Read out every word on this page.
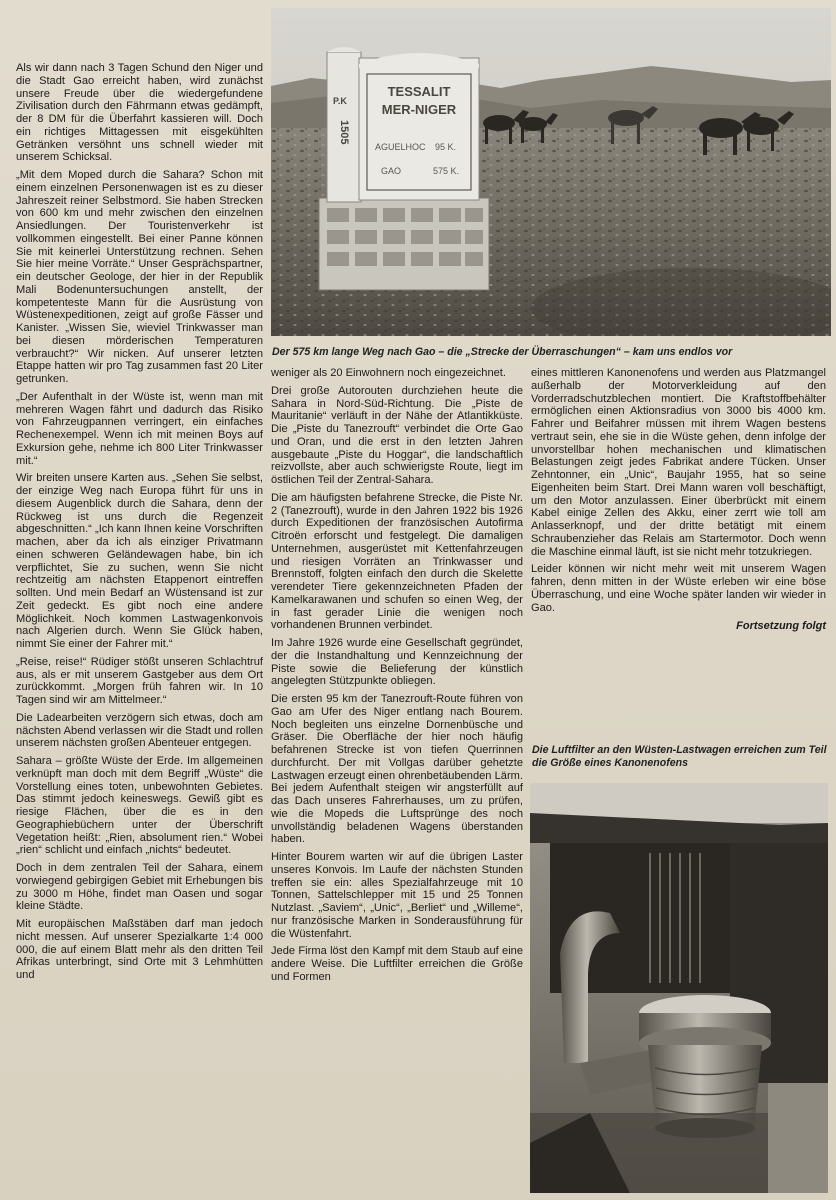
Als wir dann nach 3 Tagen Schund den Niger und die Stadt Gao erreicht haben, wird zunächst unsere Freude über die wiedergefundene Zivilisation durch den Fährmann etwas gedämpft, der 8 DM für die Überfahrt kassieren will. Doch ein richtiges Mittagessen mit eisgekühlten Getränken versöhnt uns schnell wieder mit unserem Schicksal.

„Mit dem Moped durch die Sahara? Schon mit einem einzelnen Personenwagen ist es zu dieser Jahreszeit reiner Selbstmord. Sie haben Strecken von 600 km und mehr zwischen den einzelnen Ansiedlungen. Der Touristenverkehr ist vollkommen eingestellt. Bei einer Panne können Sie mit keinerlei Unterstützung rechnen. Sehen Sie hier meine Vorräte.“ Unser Gesprächspartner, ein deutscher Geologe, der hier in der Republik Mali Bodenuntersuchungen anstellt, der kompetenteste Mann für die Ausrüstung von Wüstenexpeditionen, zeigt auf große Fässer und Kanister. „Wissen Sie, wieviel Trinkwasser man bei diesen mörderischen Temperaturen verbraucht?“ Wir nicken. Auf unserer letzten Etappe hatten wir pro Tag zusammen fast 20 Liter getrunken.

„Der Aufenthalt in der Wüste ist, wenn man mit mehreren Wagen fährt und dadurch das Risiko von Fahrzeugpannen verringert, ein einfaches Rechenexempel. Wenn ich mit meinen Boys auf Exkursion gehe, nehme ich 800 Liter Trinkwasser mit.“

Wir breiten unsere Karten aus. „Sehen Sie selbst, der einzige Weg nach Europa führt für uns in diesem Augenblick durch die Sahara, denn der Rückweg ist uns durch die Regenzeit abgeschnitten.“ „Ich kann Ihnen keine Vorschriften machen, aber da ich als einziger Privatmann einen schweren Geländewagen habe, bin ich verpflichtet, Sie zu suchen, wenn Sie nicht rechtzeitig am nächsten Etappenort eintreffen sollten. Und mein Bedarf an Wüstensand ist zur Zeit gedeckt. Es gibt noch eine andere Möglichkeit. Noch kommen Lastwagenkonvois nach Algerien durch. Wenn Sie Glück haben, nimmt Sie einer der Fahrer mit.“

„Reise, reise!“ Rüdiger stößt unseren Schlachtruf aus, als er mit unserem Gastgeber aus dem Ort zurückkommt. „Morgen früh fahren wir. In 10 Tagen sind wir am Mittelmeer.“

Die Ladearbeiten verzögern sich etwas, doch am nächsten Abend verlassen wir die Stadt und rollen unserem nächsten großen Abenteuer entgegen.

Sahara – größte Wüste der Erde. Im allgemeinen verknüpft man doch mit dem Begriff „Wüste“ die Vorstellung eines toten, unbewohnten Gebietes. Das stimmt jedoch keineswegs. Gewiß gibt es riesige Flächen, über die es in den Geographiebüchern unter der Überschrift Vegetation heißt: „Rien, absolument rien.“ Wobei „rien“ schlicht und einfach „nichts“ bedeutet.

Doch in dem zentralen Teil der Sahara, einem vorwiegend gebirgigen Gebiet mit Erhebungen bis zu 3000 m Höhe, findet man Oasen und sogar kleine Städte.

Mit europäischen Maßstäben darf man jedoch nicht messen. Auf unserer Spezialkarte 1:4 000 000, die auf einem Blatt mehr als den dritten Teil Afrikas unterbringt, sind Orte mit 3 Lehmhütten und

TESSALIT
MER-NIGER
AGUELHOC 95 K.
GAO	575 K.
P.K
1505
Der 575 km lange Weg nach Gao – die „Strecke der Überraschungen“ – kam uns endlos vor

weniger als 20 Einwohnern noch eingezeichnet.

Drei große Autorouten durchziehen heute die Sahara in Nord-Süd-Richtung. Die „Piste de Mauritanie“ verläuft in der Nähe der Atlantikküste. Die „Piste du Tanezrouft“ verbindet die Orte Gao und Oran, und die erst in den letzten Jahren ausgebaute „Piste du Hoggar“, die landschaftlich reizvollste, aber auch schwierigste Route, liegt im östlichen Teil der Zentral-Sahara.

Die am häufigsten befahrene Strecke, die Piste Nr. 2 (Tanezrouft), wurde in den Jahren 1922 bis 1926 durch Expeditionen der französischen Autofirma Citroën erforscht und festgelegt. Die damaligen Unternehmen, ausgerüstet mit Kettenfahrzeugen und riesigen Vorräten an Trinkwasser und Brennstoff, folgten einfach den durch die Skelette verendeter Tiere gekennzeichneten Pfaden der Kamelkarawanen und schufen so einen Weg, der in fast gerader Linie die wenigen noch vorhandenen Brunnen verbindet.

Im Jahre 1926 wurde eine Gesellschaft gegründet, der die Instandhaltung und Kennzeichnung der Piste sowie die Belieferung der künstlich angelegten Stützpunkte obliegen.

Die ersten 95 km der Tanezrouft-Route führen von Gao am Ufer des Niger entlang nach Bourem. Noch begleiten uns einzelne Dornenbüsche und Gräser. Die Oberfläche der hier noch häufig befahrenen Strecke ist von tiefen Querrinnen durchfurcht. Der mit Vollgas darüber gehetzte Lastwagen erzeugt einen ohrenbetäubenden Lärm. Bei jedem Aufenthalt steigen wir angsterfüllt auf das Dach unseres Fahrerhauses, um zu prüfen, wie die Mopeds die Luftsprünge des noch unvollständig beladenen Wagens überstanden haben.

Hinter Bourem warten wir auf die übrigen Laster unseres Konvois. Im Laufe der nächsten Stunden treffen sie ein: alles Spezialfahrzeuge mit 10 Tonnen, Sattelschlepper mit 15 und 25 Tonnen Nutzlast. „Saviem“, „Unic“, „Berliet“ und „Willeme“, nur französische Marken in Sonderausführung für die Wüstenfahrt.

Jede Firma löst den Kampf mit dem Staub auf eine andere Weise. Die Luftfilter erreichen die Größe und Formen

eines mittleren Kanonenofens und werden aus Platzmangel außerhalb der Motorverkleidung auf den Vorderradschutzblechen montiert. Die Kraftstoffbehälter ermöglichen einen Aktionsradius von 3000 bis 4000 km. Fahrer und Beifahrer müssen mit ihrem Wagen bestens vertraut sein, ehe sie in die Wüste gehen, denn infolge der unvorstellbar hohen mechanischen und klimatischen Belastungen zeigt jedes Fabrikat andere Tücken. Unser Zehntonner, ein „Unic“, Baujahr 1955, hat so seine Eigenheiten beim Start. Drei Mann waren voll beschäftigt, um den Motor anzulassen. Einer überbrückt mit einem Kabel einige Zellen des Akku, einer zerrt wie toll am Anlasserknopf, und der dritte betätigt mit einem Schraubenzieher das Relais am Startermotor. Doch wenn die Maschine einmal läuft, ist sie nicht mehr totzukriegen.

Leider können wir nicht mehr weit mit unserem Wagen fahren, denn mitten in der Wüste erleben wir eine böse Überraschung, und eine Woche später landen wir wieder in Gao.

Fortsetzung folgt
Die Luftfilter an den Wüsten-Lastwagen erreichen zum Teil die Größe eines Kanonenofens
